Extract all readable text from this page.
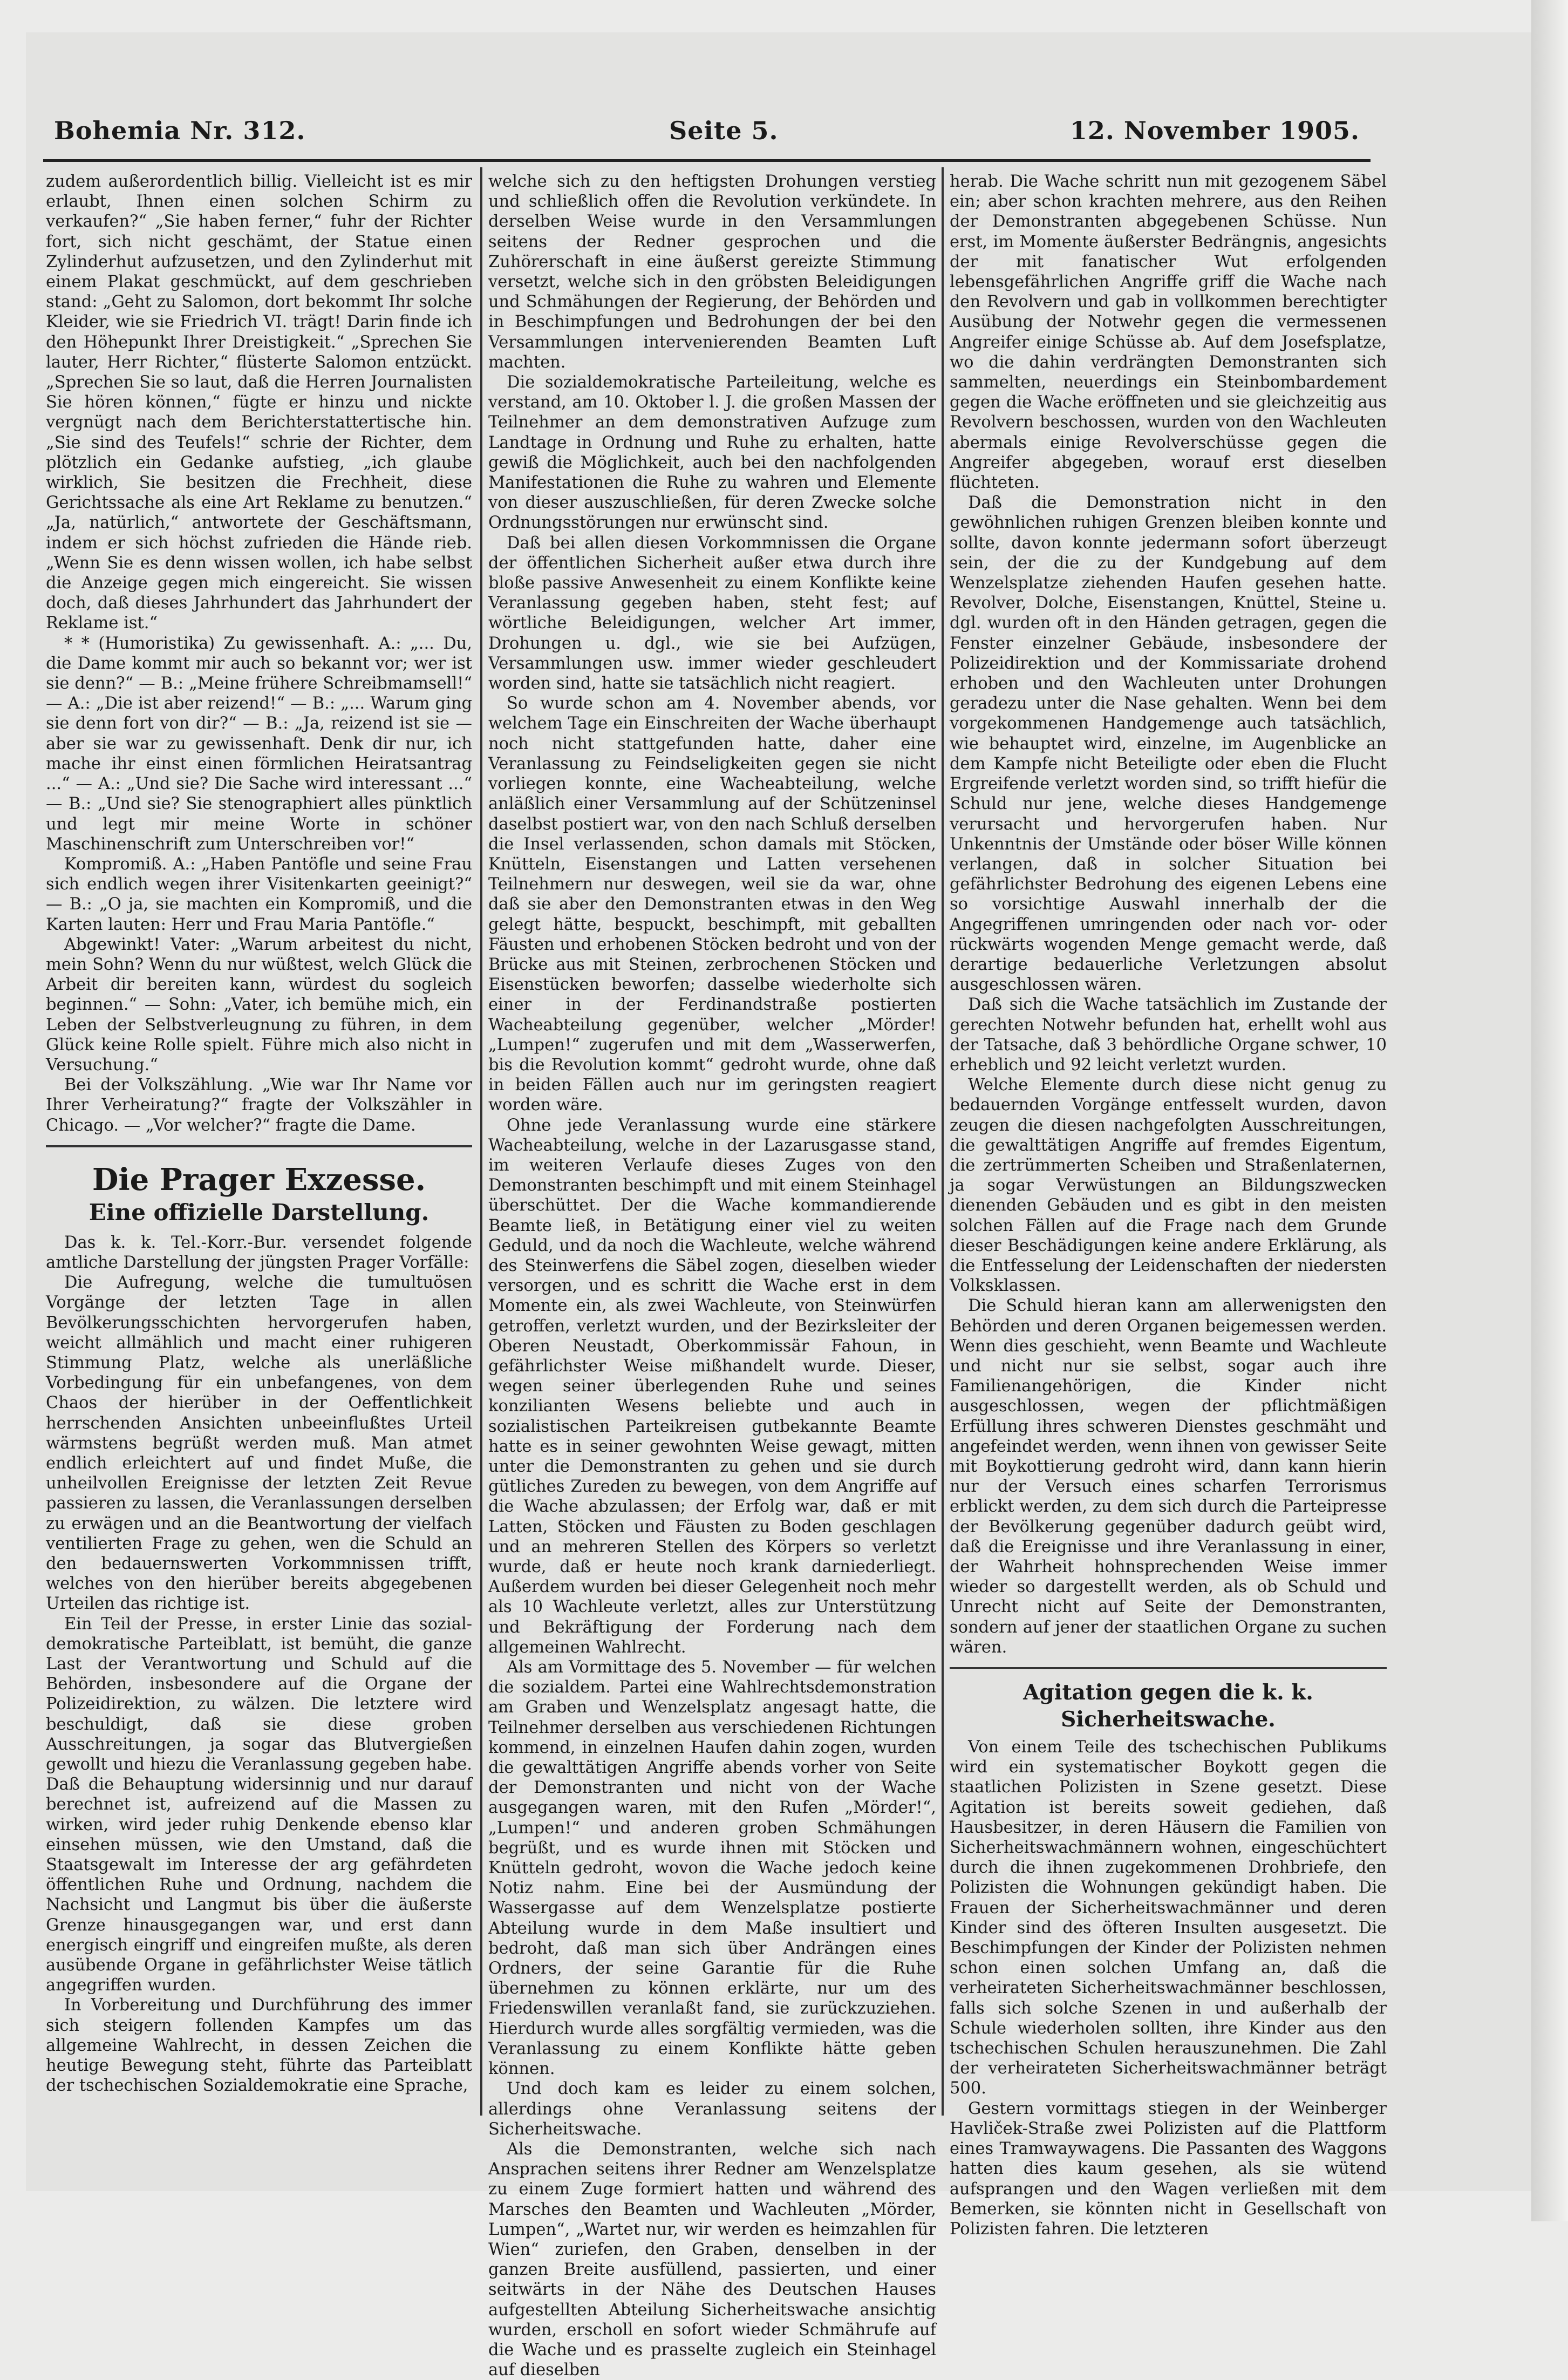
Bohemia Nr. 312.	Seite 5.	12. November 1905.

zudem außerordentlich billig. Vielleicht ist es mir erlaubt, Ihnen einen solchen Schirm zu verkaufen?“ „Sie haben ferner,“ fuhr der Richter fort, sich nicht geschämt, der Statue einen Zylinderhut aufzusetzen, und den Zylinderhut mit einem Plakat geschmückt, auf dem geschrieben stand: „Geht zu Salomon, dort bekommt Ihr solche Kleider, wie sie Friedrich VI. trägt! Darin finde ich den Höhepunkt Ihrer Dreistigkeit.“ „Sprechen Sie lauter, Herr Richter,“ flüsterte Salomon entzückt. „Sprechen Sie so laut, daß die Herren Journalisten Sie hören können,“ fügte er hinzu und nickte vergnügt nach dem Berichterstattertische hin. „Sie sind des Teufels!“ schrie der Richter, dem plötzlich ein Gedanke aufstieg, „ich glaube wirklich, Sie besitzen die Frechheit, diese Gerichtssache als eine Art Reklame zu benutzen.“ „Ja, natürlich,“ antwortete der Geschäftsmann, indem er sich höchst zufrieden die Hände rieb. „Wenn Sie es denn wissen wollen, ich habe selbst die Anzeige gegen mich eingereicht. Sie wissen doch, daß dieses Jahrhundert das Jahrhundert der Reklame ist.“

* * (Humoristika) Zu gewissenhaft. A.: „... Du, die Dame kommt mir auch so bekannt vor; wer ist sie denn?“ — B.: „Meine frühere Schreibmamsell!“ — A.: „Die ist aber reizend!“ — B.: „... Warum ging sie denn fort von dir?“ — B.: „Ja, reizend ist sie — aber sie war zu gewissenhaft. Denk dir nur, ich mache ihr einst einen förmlichen Heiratsantrag ...“ — A.: „Und sie? Die Sache wird interessant ...“ — B.: „Und sie? Sie stenographiert alles pünktlich und legt mir meine Worte in schöner Maschinenschrift zum Unterschreiben vor!“

Kompromiß. A.: „Haben Pantöfle und seine Frau sich endlich wegen ihrer Visitenkarten geeinigt?“ — B.: „O ja, sie machten ein Kompromiß, und die Karten lauten: Herr und Frau Maria Pantöfle.“

Abgewinkt! Vater: „Warum arbeitest du nicht, mein Sohn? Wenn du nur wüßtest, welch Glück die Arbeit dir bereiten kann, würdest du sogleich beginnen.“ — Sohn: „Vater, ich bemühe mich, ein Leben der Selbstverleugnung zu führen, in dem Glück keine Rolle spielt. Führe mich also nicht in Versuchung.“

Bei der Volkszählung. „Wie war Ihr Name vor Ihrer Verheiratung?“ fragte der Volkszähler in Chicago. — „Vor welcher?“ fragte die Dame.

Die Prager Exzesse.
Eine offizielle Darstellung.

Das k. k. Tel.-Korr.-Bur. versendet folgende amtliche Darstellung der jüngsten Prager Vorfälle:

Die Aufregung, welche die tumultuösen Vorgänge der letzten Tage in allen Bevölkerungsschichten hervorgerufen haben, weicht allmählich und macht einer ruhigeren Stimmung Platz, welche als unerläßliche Vorbedingung für ein unbefangenes, von dem Chaos der hierüber in der Oeffentlichkeit herrschenden Ansichten unbeeinflußtes Urteil wärmstens begrüßt werden muß. Man atmet endlich erleichtert auf und findet Muße, die unheilvollen Ereignisse der letzten Zeit Revue passieren zu lassen, die Veranlassungen derselben zu erwägen und an die Beantwortung der vielfach ventilierten Frage zu gehen, wen die Schuld an den bedauernswerten Vorkommnissen trifft, welches von den hierüber bereits abgegebenen Urteilen das richtige ist.

Ein Teil der Presse, in erster Linie das sozial-demokratische Parteiblatt, ist bemüht, die ganze Last der Verantwortung und Schuld auf die Behörden, insbesondere auf die Organe der Polizeidirektion, zu wälzen. Die letztere wird beschuldigt, daß sie diese groben Ausschreitungen, ja sogar das Blutvergießen gewollt und hiezu die Veranlassung gegeben habe. Daß die Behauptung widersinnig und nur darauf berechnet ist, aufreizend auf die Massen zu wirken, wird jeder ruhig Denkende ebenso klar einsehen müssen, wie den Umstand, daß die Staatsgewalt im Interesse der arg gefährdeten öffentlichen Ruhe und Ordnung, nachdem die Nachsicht und Langmut bis über die äußerste Grenze hinausgegangen war, und erst dann energisch eingriff und eingreifen mußte, als deren ausübende Organe in gefährlichster Weise tätlich angegriffen wurden.

In Vorbereitung und Durchführung des immer sich steigern follenden Kampfes um das allgemeine Wahlrecht, in dessen Zeichen die heutige Bewegung steht, führte das Parteiblatt der tschechischen Sozialdemokratie eine Sprache,

welche sich zu den heftigsten Drohungen verstieg und schließlich offen die Revolution verkündete. In derselben Weise wurde in den Versammlungen seitens der Redner gesprochen und die Zuhörerschaft in eine äußerst gereizte Stimmung versetzt, welche sich in den gröbsten Beleidigungen und Schmähungen der Regierung, der Behörden und in Beschimpfungen und Bedrohungen der bei den Versammlungen intervenierenden Beamten Luft machten.

Die sozialdemokratische Parteileitung, welche es verstand, am 10. Oktober l. J. die großen Massen der Teilnehmer an dem demonstrativen Aufzuge zum Landtage in Ordnung und Ruhe zu erhalten, hatte gewiß die Möglichkeit, auch bei den nachfolgenden Manifestationen die Ruhe zu wahren und Elemente von dieser auszuschließen, für deren Zwecke solche Ordnungsstörungen nur erwünscht sind.

Daß bei allen diesen Vorkommnissen die Organe der öffentlichen Sicherheit außer etwa durch ihre bloße passive Anwesenheit zu einem Konflikte keine Veranlassung gegeben haben, steht fest; auf wörtliche Beleidigungen, welcher Art immer, Drohungen u. dgl., wie sie bei Aufzügen, Versammlungen usw. immer wieder geschleudert worden sind, hatte sie tatsächlich nicht reagiert.

So wurde schon am 4. November abends, vor welchem Tage ein Einschreiten der Wache überhaupt noch nicht stattgefunden hatte, daher eine Veranlassung zu Feindseligkeiten gegen sie nicht vorliegen konnte, eine Wacheabteilung, welche anläßlich einer Versammlung auf der Schützeninsel daselbst postiert war, von den nach Schluß derselben die Insel verlassenden, schon damals mit Stöcken, Knütteln, Eisenstangen und Latten versehenen Teilnehmern nur deswegen, weil sie da war, ohne daß sie aber den Demonstranten etwas in den Weg gelegt hätte, bespuckt, beschimpft, mit geballten Fäusten und erhobenen Stöcken bedroht und von der Brücke aus mit Steinen, zerbrochenen Stöcken und Eisenstücken beworfen; dasselbe wiederholte sich einer in der Ferdinandstraße postierten Wacheabteilung gegenüber, welcher „Mörder! „Lumpen!“ zugerufen und mit dem „Wasserwerfen, bis die Revolution kommt“ gedroht wurde, ohne daß in beiden Fällen auch nur im geringsten reagiert worden wäre.

Ohne jede Veranlassung wurde eine stärkere Wacheabteilung, welche in der Lazarusgasse stand, im weiteren Verlaufe dieses Zuges von den Demonstranten beschimpft und mit einem Steinhagel überschüttet. Der die Wache kommandierende Beamte ließ, in Betätigung einer viel zu weiten Geduld, und da noch die Wachleute, welche während des Steinwerfens die Säbel zogen, dieselben wieder versorgen, und es schritt die Wache erst in dem Momente ein, als zwei Wachleute, von Steinwürfen getroffen, verletzt wurden, und der Bezirksleiter der Oberen Neustadt, Oberkommissär Fahoun, in gefährlichster Weise mißhandelt wurde. Dieser, wegen seiner überlegenden Ruhe und seines konzilianten Wesens beliebte und auch in sozialistischen Parteikreisen gutbekannte Beamte hatte es in seiner gewohnten Weise gewagt, mitten unter die Demonstranten zu gehen und sie durch gütliches Zureden zu bewegen, von dem Angriffe auf die Wache abzulassen; der Erfolg war, daß er mit Latten, Stöcken und Fäusten zu Boden geschlagen und an mehreren Stellen des Körpers so verletzt wurde, daß er heute noch krank darniederliegt. Außerdem wurden bei dieser Gelegenheit noch mehr als 10 Wachleute verletzt, alles zur Unterstützung und Bekräftigung der Forderung nach dem allgemeinen Wahlrecht.

Als am Vormittage des 5. November — für welchen die sozialdem. Partei eine Wahlrechtsdemonstration am Graben und Wenzelsplatz angesagt hatte, die Teilnehmer derselben aus verschiedenen Richtungen kommend, in einzelnen Haufen dahin zogen, wurden die gewalttätigen Angriffe abends vorher von Seite der Demonstranten und nicht von der Wache ausgegangen waren, mit den Rufen „Mörder!“, „Lumpen!“ und anderen groben Schmähungen begrüßt, und es wurde ihnen mit Stöcken und Knütteln gedroht, wovon die Wache jedoch keine Notiz nahm. Eine bei der Ausmündung der Wassergasse auf dem Wenzelsplatze postierte Abteilung wurde in dem Maße insultiert und bedroht, daß man sich über Andrängen eines Ordners, der seine Garantie für die Ruhe übernehmen zu können erklärte, nur um des Friedenswillen veranlaßt fand, sie zurückzuziehen. Hierdurch wurde alles sorgfältig vermieden, was die Veranlassung zu einem Konflikte hätte geben können.

Und doch kam es leider zu einem solchen, allerdings ohne Veranlassung seitens der Sicherheitswache.

Als die Demonstranten, welche sich nach Ansprachen seitens ihrer Redner am Wenzelsplatze zu einem Zuge formiert hatten und während des Marsches den Beamten und Wachleuten „Mörder, Lumpen“, „Wartet nur, wir werden es heimzahlen für Wien“ zuriefen, den Graben, denselben in der ganzen Breite ausfüllend, passierten, und einer seitwärts in der Nähe des Deutschen Hauses aufgestellten Abteilung Sicherheitswache ansichtig wurden, erscholl en sofort wieder Schmährufe auf die Wache und es prasselte zugleich ein Steinhagel auf dieselben

herab. Die Wache schritt nun mit gezogenem Säbel ein; aber schon krachten mehrere, aus den Reihen der Demonstranten abgegebenen Schüsse. Nun erst, im Momente äußerster Bedrängnis, angesichts der mit fanatischer Wut erfolgenden lebensgefährlichen Angriffe griff die Wache nach den Revolvern und gab in vollkommen berechtigter Ausübung der Notwehr gegen die vermessenen Angreifer einige Schüsse ab. Auf dem Josefsplatze, wo die dahin verdrängten Demonstranten sich sammelten, neuerdings ein Steinbombardement gegen die Wache eröffneten und sie gleichzeitig aus Revolvern beschossen, wurden von den Wachleuten abermals einige Revolverschüsse gegen die Angreifer abgegeben, worauf erst dieselben flüchteten.

Daß die Demonstration nicht in den gewöhnlichen ruhigen Grenzen bleiben konnte und sollte, davon konnte jedermann sofort überzeugt sein, der die zu der Kundgebung auf dem Wenzelsplatze ziehenden Haufen gesehen hatte. Revolver, Dolche, Eisenstangen, Knüttel, Steine u. dgl. wurden oft in den Händen getragen, gegen die Fenster einzelner Gebäude, insbesondere der Polizeidirektion und der Kommissariate drohend erhoben und den Wachleuten unter Drohungen geradezu unter die Nase gehalten. Wenn bei dem vorgekommenen Handgemenge auch tatsächlich, wie behauptet wird, einzelne, im Augenblicke an dem Kampfe nicht Beteiligte oder eben die Flucht Ergreifende verletzt worden sind, so trifft hiefür die Schuld nur jene, welche dieses Handgemenge verursacht und hervorgerufen haben. Nur Unkenntnis der Umstände oder böser Wille können verlangen, daß in solcher Situation bei gefährlichster Bedrohung des eigenen Lebens eine so vorsichtige Auswahl innerhalb der die Angegriffenen umringenden oder nach vor- oder rückwärts wogenden Menge gemacht werde, daß derartige bedauerliche Verletzungen absolut ausgeschlossen wären.

Daß sich die Wache tatsächlich im Zustande der gerechten Notwehr befunden hat, erhellt wohl aus der Tatsache, daß 3 behördliche Organe schwer, 10 erheblich und 92 leicht verletzt wurden.

Welche Elemente durch diese nicht genug zu bedauernden Vorgänge entfesselt wurden, davon zeugen die diesen nachgefolgten Ausschreitungen, die gewalttätigen Angriffe auf fremdes Eigentum, die zertrümmerten Scheiben und Straßenlaternen, ja sogar Verwüstungen an Bildungszwecken dienenden Gebäuden und es gibt in den meisten solchen Fällen auf die Frage nach dem Grunde dieser Beschädigungen keine andere Erklärung, als die Entfesselung der Leidenschaften der niedersten Volksklassen.

Die Schuld hieran kann am allerwenigsten den Behörden und deren Organen beigemessen werden. Wenn dies geschieht, wenn Beamte und Wachleute und nicht nur sie selbst, sogar auch ihre Familienangehörigen, die Kinder nicht ausgeschlossen, wegen der pflichtmäßigen Erfüllung ihres schweren Dienstes geschmäht und angefeindet werden, wenn ihnen von gewisser Seite mit Boykottierung gedroht wird, dann kann hierin nur der Versuch eines scharfen Terrorismus erblickt werden, zu dem sich durch die Parteipresse der Bevölkerung gegenüber dadurch geübt wird, daß die Ereignisse und ihre Veranlassung in einer, der Wahrheit hohnsprechenden Weise immer wieder so dargestellt werden, als ob Schuld und Unrecht nicht auf Seite der Demonstranten, sondern auf jener der staatlichen Organe zu suchen wären.

Agitation gegen die k. k. Sicherheitswache.

Von einem Teile des tschechischen Publikums wird ein systematischer Boykott gegen die staatlichen Polizisten in Szene gesetzt. Diese Agitation ist bereits soweit gediehen, daß Hausbesitzer, in deren Häusern die Familien von Sicherheitswachmännern wohnen, eingeschüchtert durch die ihnen zugekommenen Drohbriefe, den Polizisten die Wohnungen gekündigt haben. Die Frauen der Sicherheitswachmänner und deren Kinder sind des öfteren Insulten ausgesetzt. Die Beschimpfungen der Kinder der Polizisten nehmen schon einen solchen Umfang an, daß die verheirateten Sicherheitswachmänner beschlossen, falls sich solche Szenen in und außerhalb der Schule wiederholen sollten, ihre Kinder aus den tschechischen Schulen herauszunehmen. Die Zahl der verheirateten Sicherheitswachmänner beträgt 500.

Gestern vormittags stiegen in der Weinberger Havliček-Straße zwei Polizisten auf die Plattform eines Tramwaywagens. Die Passanten des Waggons hatten dies kaum gesehen, als sie wütend aufsprangen und den Wagen verließen mit dem Bemerken, sie könnten nicht in Gesellschaft von Polizisten fahren. Die letzteren
